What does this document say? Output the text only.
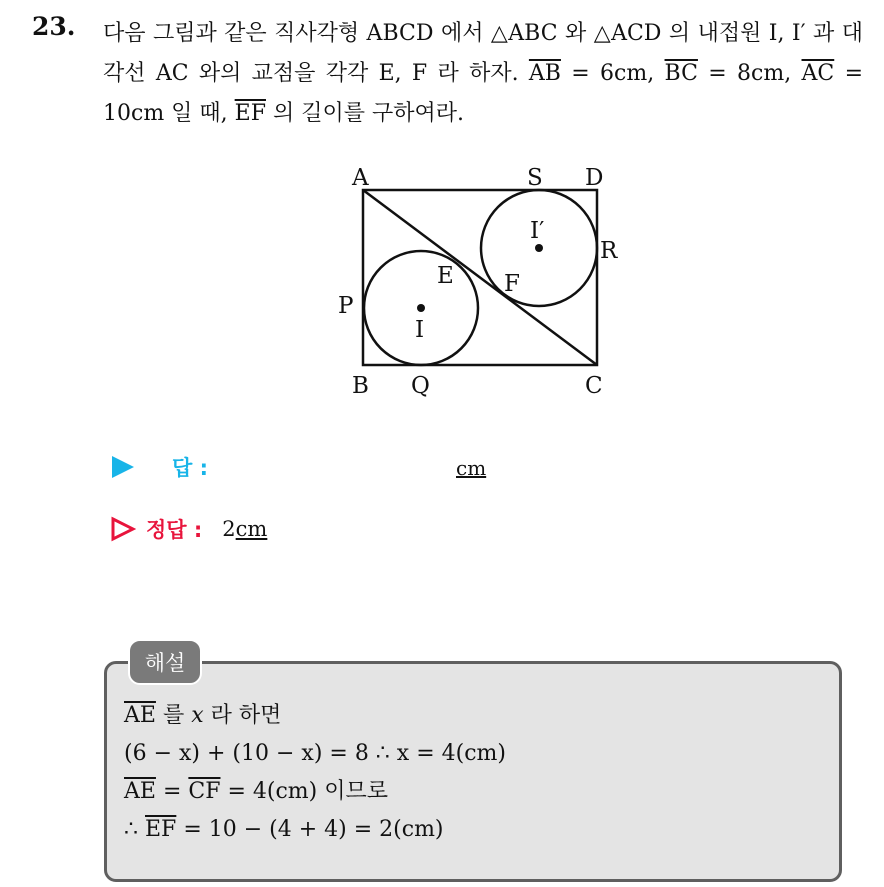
23. 다음 그림과 같은 직사각형 ABCD 에서 △ABC 와 △ACD 의 내접원 I, I′ 과 대각선 AC 와의 교점을 각각 E, F 라 하자. $\overline{AB} = 6cm$, $\overline{BC} = 8cm$, $\overline{AC} = 10cm$ 일 때, $\overline{EF}$ 의 길이를 구하여라.
A	S D
I′
R
E F
P
I
B Q	C
답 :	cm
정답 : 2cm
해설
$\overline{AE}$ 를 x 라 하면
(6 − x) + (10 − x) = 8 ∴ x = 4(cm)
$\overline{AE} = \overline{CF} = 4(cm)$ 이므로
∴ $\overline{EF} = 10 - (4 + 4) = 2(cm)$
